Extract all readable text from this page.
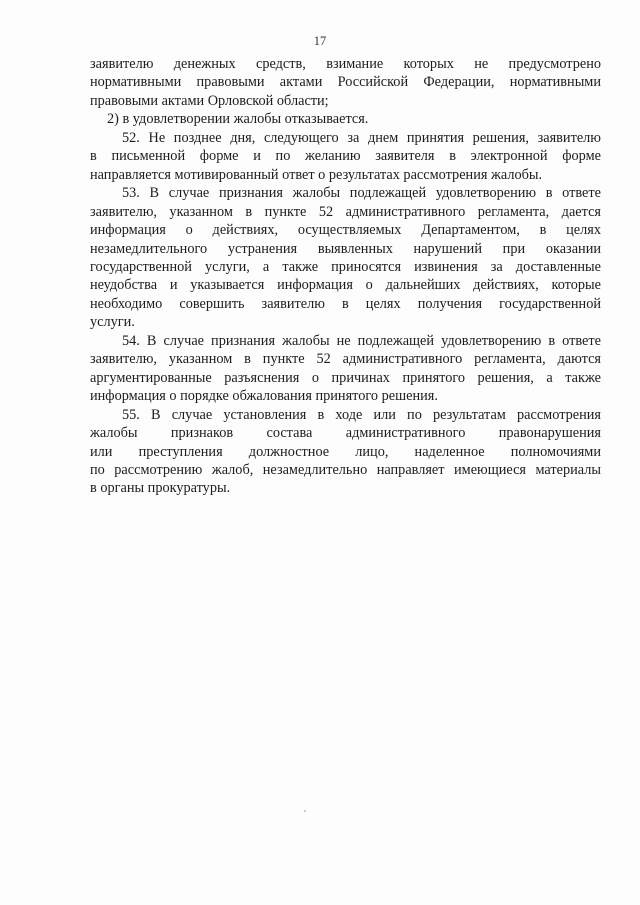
17
заявителю денежных средств, взимание которых не предусмотрено
нормативными правовыми актами Российской Федерации, нормативными
правовыми актами Орловской области;
2) в удовлетворении жалобы отказывается.
52. Не позднее дня, следующего за днем принятия решения, заявителю
в письменной форме и по желанию заявителя в электронной форме
направляется мотивированный ответ о результатах рассмотрения жалобы.
53. В случае признания жалобы подлежащей удовлетворению в ответе
заявителю, указанном в пункте 52 административного регламента, дается
информация о действиях, осуществляемых Департаментом, в целях
незамедлительного устранения выявленных нарушений при оказании
государственной услуги, а также приносятся извинения за доставленные
неудобства и указывается информация о дальнейших действиях, которые
необходимо совершить заявителю в целях получения государственной
услуги.
54. В случае признания жалобы не подлежащей удовлетворению в ответе
заявителю, указанном в пункте 52 административного регламента, даются
аргументированные разъяснения о причинах принятого решения, а также
информация о порядке обжалования принятого решения.
55. В случае установления в ходе или по результатам рассмотрения
жалобы признаков состава административного правонарушения
или преступления должностное лицо, наделенное полномочиями
по рассмотрению жалоб, незамедлительно направляет имеющиеся материалы
в органы прокуратуры.
